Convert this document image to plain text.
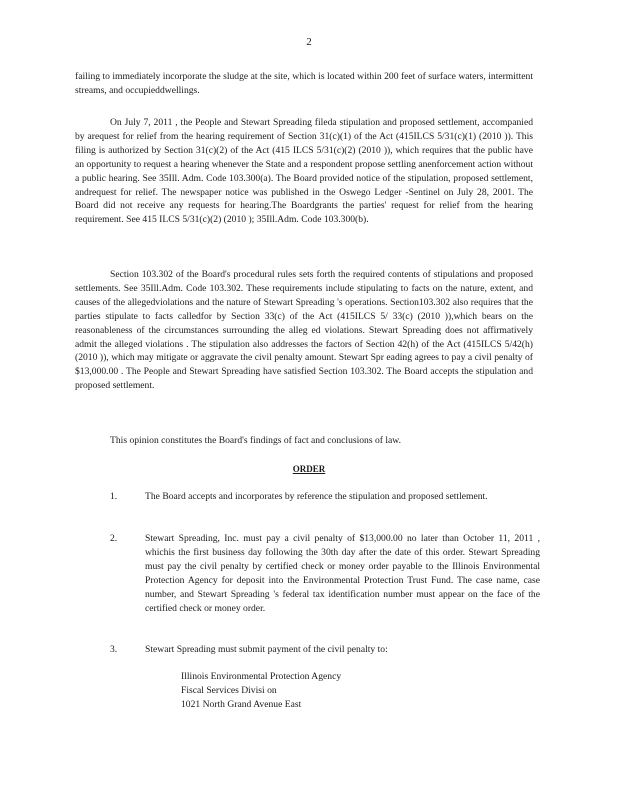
2

failing to immediately incorporate the sludge at the site, which is located within 200 feet of surface waters, intermittent streams, and occupieddwellings.

On July 7, 2011 , the People and Stewart Spreading fileda stipulation and proposed settlement, accompanied by arequest for relief from the hearing requirement of Section 31(c)(1) of the Act (415ILCS 5/31(c)(1) (2010 )). This filing is authorized by Section 31(c)(2) of the Act (415 ILCS 5/31(c)(2) (2010 )), which requires that the public have an opportunity to request a hearing whenever the State and a respondent propose settling anenforcement action without a public hearing. See 35Ill. Adm. Code 103.300(a). The Board provided notice of the stipulation, proposed settlement, andrequest for relief. The newspaper notice was published in the Oswego Ledger -Sentinel on July 28, 2001. The Board did not receive any requests for hearing.The Boardgrants the parties' request for relief from the hearing requirement. See 415 ILCS 5/31(c)(2) (2010 ); 35Ill.Adm. Code 103.300(b).

Section 103.302 of the Board's procedural rules sets forth the required contents of stipulations and proposed settlements. See 35Ill.Adm. Code 103.302. These requirements include stipulating to facts on the nature, extent, and causes of the allegedviolations and the nature of Stewart Spreading 's operations. Section103.302 also requires that the parties stipulate to facts calledfor by Section 33(c) of the Act (415ILCS 5/ 33(c) (2010 )),which bears on the reasonableness of the circumstances surrounding the alleg ed violations. Stewart Spreading does not affirmatively admit the alleged violations . The stipulation also addresses the factors of Section 42(h) of the Act (415ILCS 5/42(h) (2010 )), which may mitigate or aggravate the civil penalty amount. Stewart Spr eading agrees to pay a civil penalty of $13,000.00 . The People and Stewart Spreading have satisfied Section 103.302. The Board accepts the stipulation and proposed settlement.

This opinion constitutes the Board's findings of fact and conclusions of law.

ORDER
1.	The Board accepts and incorporates by reference the stipulation and proposed settlement.
2.	Stewart Spreading, Inc. must pay a civil penalty of $13,000.00 no later than October 11, 2011 , whichis the first business day following the 30th day after the date of this order. Stewart Spreading must pay the civil penalty by certified check or money order payable to the Illinois Environmental Protection Agency for deposit into the Environmental Protection Trust Fund. The case name, case number, and Stewart Spreading 's federal tax identification number must appear on the face of the certified check or money order.
3.	Stewart Spreading must submit payment of the civil penalty to:
Illinois Environmental Protection Agency
Fiscal Services Divisi on
1021 North Grand Avenue East
